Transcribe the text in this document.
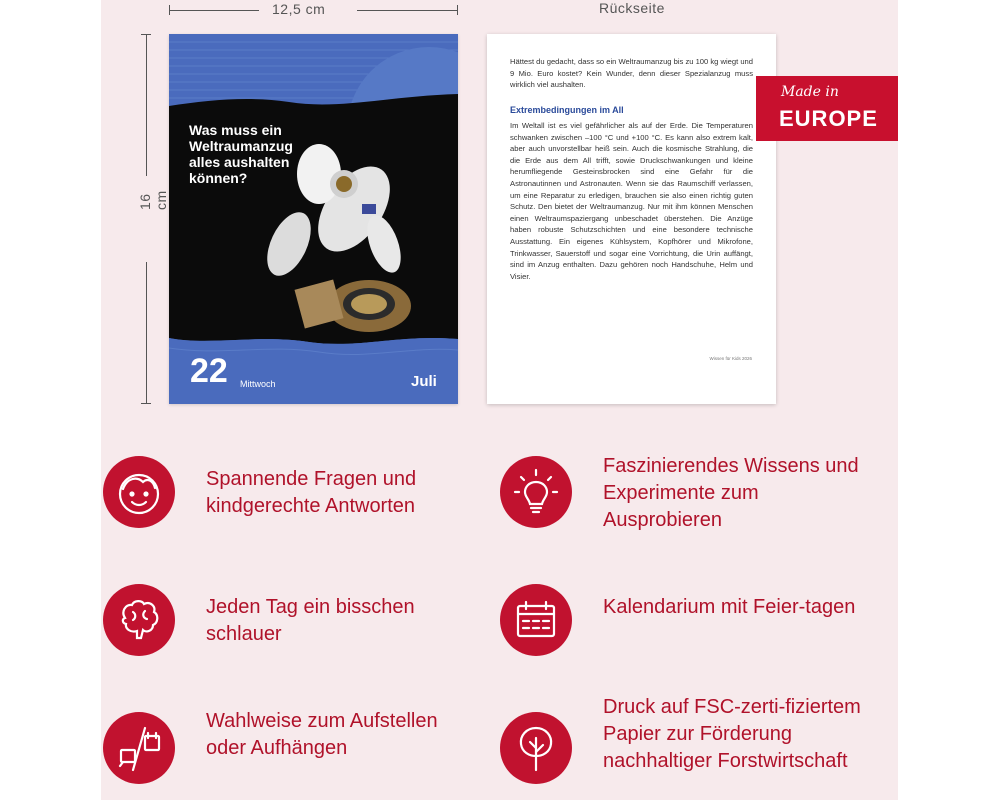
12,5 cm
16 cm
Rückseite
Was muss ein Weltraumanzug alles aushalten können?
22 Mittwoch	Juli
Hättest du gedacht, dass so ein Weltraumanzug bis zu 100 kg wiegt und 9 Mio. Euro kostet? Kein Wunder, denn dieser Spezialanzug muss wirklich viel aushalten.
Extrembedingungen im All
Im Weltall ist es viel gefährlicher als auf der Erde. Die Temperaturen schwanken zwischen –100 °C und +100 °C. Es kann also extrem kalt, aber auch unvorstellbar heiß sein. Auch die kosmische Strahlung, die die Erde aus dem All trifft, sowie Druckschwankungen und kleine herumfliegende Gesteinsbrocken sind eine Gefahr für die Astronautinnen und Astronauten. Wenn sie das Raumschiff verlassen, um eine Reparatur zu erledigen, brauchen sie also einen richtig guten Schutz. Den bietet der Weltraumanzug. Nur mit ihm können Menschen einen Weltraumspaziergang unbeschadet überstehen. Die Anzüge haben robuste Schutzschichten und eine besondere technische Ausstattung. Ein eigenes Kühlsystem, Kopfhörer und Mikrofone, Trinkwasser, Sauerstoff und sogar eine Vorrichtung, die Urin auffängt, sind im Anzug enthalten. Dazu gehören noch Handschuhe, Helm und Visier.
Wissen für Kids 2026
Made in
EUROPE
Spannende Fragen und kindgerechte Antworten
Faszinierendes Wissens und Experimente zum Ausprobieren
Jeden Tag ein bisschen schlauer
Kalendarium mit Feier-tagen
Wahlweise zum Aufstellen oder Aufhängen
Druck auf FSC-zerti-fiziertem Papier zur Förderung nachhaltiger Forstwirtschaft
